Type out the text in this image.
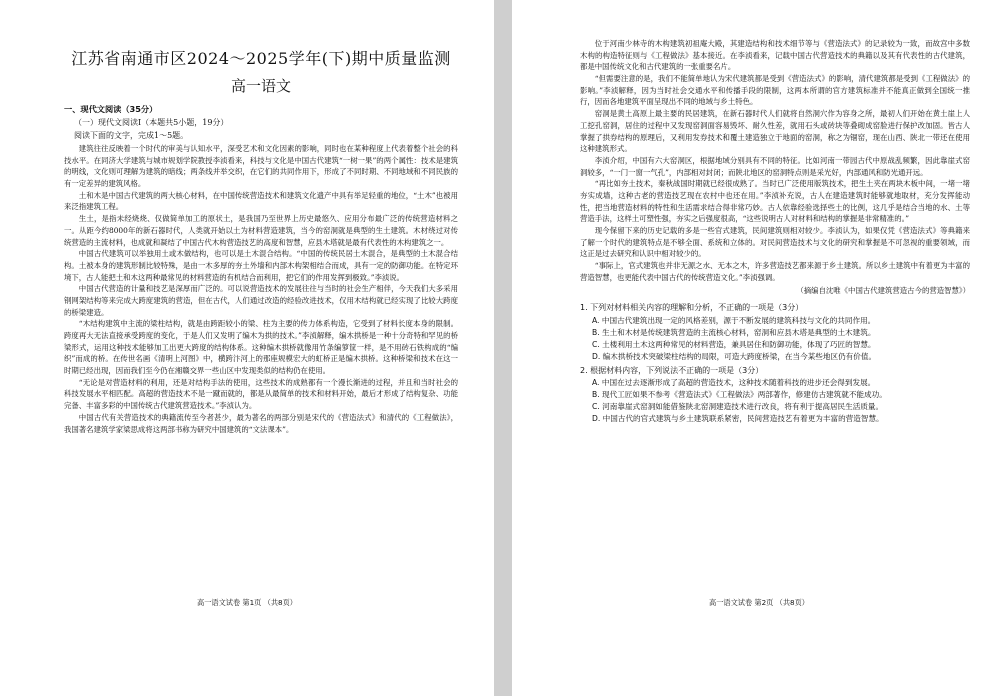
江苏省南通市区2024～2025学年(下)期中质量监测
高一语文
一、现代文阅读（35分）
（一）现代文阅读Ⅰ（本题共5小题，19分）
阅读下面的文字，完成1～5题。

建筑往往反映着一个时代的审美与认知水平，深受艺术和文化因素的影响，同时也在某种程度上代表着整个社会的科技水平。在同济大学建筑与城市规划学院教授李浈看来，科技与文化是中国古代建筑“一树一果”的两个属性：技术是建筑的明线，文化则可理解为建筑的暗线；两条线并举交织，在它们的共同作用下，形成了不同时期、不同地域和不同民族的有一定差异的建筑风格。

土和木是中国古代建筑的两大核心材料，在中国传统营造技术和建筑文化遗产中具有举足轻重的地位，“土木”也被用来泛指建筑工程。

生土，是指未经烧烧、仅做简单加工的原状土，是我国乃至世界上历史最悠久、应用分布最广泛的传统营造材料之一。从距今约8000年的新石器时代，人类就开始以土为材料营造建筑，当今的窑洞就是典型的生土建筑。木材绕过对传统营造的主流材料，也成就和凝结了中国古代木构营造技艺的高度和智慧，应县木塔就是最有代表性的木构建筑之一。

中国古代建筑可以举独用土或木做结构，也可以是土木混合结构。“中国的传统民居土木混合，是典型的土木混合结构。土被本身的建筑形制比较特殊，是由一木多厚的夯土外墙和内部木构架相结合而成，具有一定的防御功能。在特定环境下，古人能把土和木这两种最常见的材料营造的有机结合而利用，把它们的作用发挥到极致。”李浈说。

中国古代营造的计量和技艺是深厚而广泛的。可以说营造技术的发展往往与当时的社会生产相伴，今天我们大多采用钢网架结构等来完成大跨度建筑的营造，但在古代，人们通过改造的经验改进技术，仅用木结构就已经实现了比较大跨度的桥梁建造。

“木结构建筑中主流的梁柱结构，就是由跨距较小的梁、柱为主要的传力体系构造，它受到了材料长度本身的限制。跨度再大无法直接承受跨度的变化，于是人们又发明了编木为拱的技术。”李浈解释，编木拱桥是一种十分奇特和罕见的桥梁形式，运用这种技术能够加工出更大跨度的结构体系。这种编木拱桥就像用竹条编箩筐一样，是不用砖石铁构成的“编织”而成的桥。在传世名画《清明上河图》中，横跨汴河上的那座规模宏大的虹桥正是编木拱桥。这种桥梁和技术在这一时期已经出现，因而我们至今仍在湘赣交界一些山区中发现类似的结构仍在使用。

“无论是对营造材料的利用，还是对结构手法的使用，这些技术的成熟都有一个漫长渐进的过程，并且和当时社会的科技发展水平相匹配。高超的营造技术不是一蹴而就的，都是从最简单的技术和材料开始，最后才形成了结构复杂、功能完备、丰富多彩的中国传统古代建筑营造技术。”李浈认为。

中国古代有关营造技术的典籍流传至今者甚少，最为著名的两部分别是宋代的《营造法式》和清代的《工程做法》，我国著名建筑学家梁思成将这两部书称为研究中国建筑的“文法课本”。

高一语文试卷 第1页 （共8页）

位于河南少林寺的木构建筑初祖庵大殿，其建造结构和技术细节等与《营造法式》的记录较为一致，而故宫中多数木构的构造特征则与《工程做法》基本接近。在李浈看来，记载中国古代营造技术的典籍以及其有代表性的古代建筑，都是中国传统文化和古代建筑的一张重要名片。

“但需要注意的是，我们不能简单地认为宋代建筑都是受到《营造法式》的影响，清代建筑都是受到《工程做法》的影响。”李浈解释，因为当时社会交通水平和传播手段的限制，这两本所谓的官方建筑标准并不能真正做到全国统一推行，因而各地建筑平面呈现出不同的地域与乡土特色。

窑洞是黄土高原上最主要的民居建筑，在新石器时代人们就将自然洞穴作为容身之所，最初人们开始在黄土崖上人工挖孔窑洞，居住的过程中又发现窑洞面容易毁坏、耐久性差，就用石头或砖块等叠砌成窑脸进行保护改加固。皆古人掌握了拱券结构的原理后，又利用发券技术和覆土建造独立于地面的窑洞，称之为锢窑，现在山西、陕北一带还在使用这种建筑形式。

李浈介绍，中国有六大窑洞区，根据地域分别具有不同的特征。比如河南一带园古代中原战乱频繁，因此靠崖式窑洞较多，“一门一窗一气孔”，内部相对封闭；而陕北地区的窑洞特点则是采光好，内部通风和防光通开远。

“再比如夯土技术，秦秋战国时期就已经很成熟了。当时已广泛使用版筑技术，把生土夹在两块木板中间，一堵一堵夯实成墙，这种古老的营造技艺现在农村中也还在用。”李浈补充说，古人在建造建筑时能够就地取材，充分发挥能动性，把当地营造材料的特性和生活需求结合得非常巧妙。古人依靠经验选择些土的比例，这几乎是结合当地的水、土等营造手法，这样土可塑性强，夯实之后强度很高，“这些说明古人对材料和结构的掌握是非常精准的。”

现今保留下来的历史记载的多是一些官式建筑，民间建筑则相对较少。李浈认为，如果仅凭《营造法式》等典籍来了解一个时代的建筑特点是不够全面、系统和立体的。对民间营造技术与文化的研究和掌握是不可忽视的重要领域，而这正是过去研究和认识中相对较少的。

“事际上，官式建筑也并非无源之水、无本之木，许多营造技艺都来源于乡土建筑。所以乡土建筑中有着更为丰富的营造智慧，也更能代表中国古代的传统营造文化。”李浈强调。

（摘编自沈唯《中国古代建筑营造古今的营造智慧》）
1. 下列对材料相关内容的理解和分析，不正确的一项是（3分）
A. 中国古代建筑出现一定的风格差别，源于不断发展的建筑科技与文化的共同作用。
B. 生土和木材是传统建筑营造的主流核心材料，窑洞和应县木塔是典型的土木建筑。
C. 土楼利用土木这两种常见的材料营造，兼具居住和防御功能，体现了巧匠的智慧。
D. 编木拱桥技术突破梁柱结构的局限，可造大跨度桥梁，在当今某些地区仍有价值。
2. 根据材料内容，下列说法不正确的一项是（3分）
A. 中国在过去逐渐形成了高超的营造技术，这种技术随着科技的进步还会得到发展。
B. 现代工匠如果不参考《营造法式》《工程做法》两部著作，修建仿古建筑就不能成功。
C. 河南靠崖式窑洞如能借鉴陕北窑洞建造技术进行改良，将有利于提高居民生活质量。
D. 中国古代的官式建筑与乡土建筑联系紧密，民间营造技艺有着更为丰富的营造智慧。
高一语文试卷 第2页 （共8页）
